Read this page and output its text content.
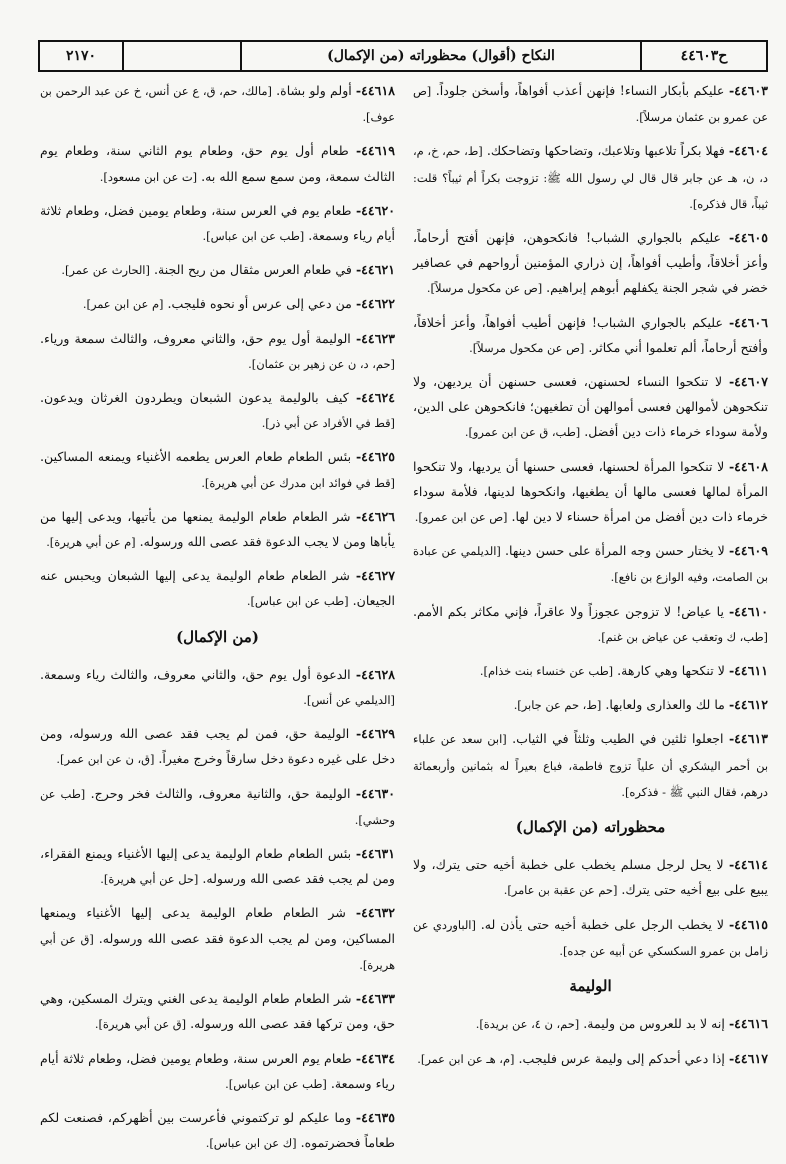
٢١٧٠	النكاح (أقوال) محظوراته (من الإكمال)	ح٤٤٦٠٣

٤٤٦٠٣- عليكم بأبكار النساء! فإنهن أعذب أفواهاً، وأسخن جلوداً. [ص عن عمرو بن عثمان مرسلاً].

٤٤٦٠٤- فهلا بكراً تلاعبها وتلاعبك، وتضاحكها وتضاحكك. [ط، حم، خ، م، د، ن، هـ عن جابر قال قال لي رسول الله ﷺ: تزوجت بكراً أم ثيباً؟ قلت: ثيباً، قال فذكره].

٤٤٦٠٥- عليكم بالجواري الشباب! فانكحوهن، فإنهن أفتح أرحاماً، وأعز أخلاقاً، وأطيب أفواهاً، إن ذراري المؤمنين أرواحهم في عصافير خضر في شجر الجنة يكفلهم أبوهم إبراهيم. [ص عن مكحول مرسلاً].

٤٤٦٠٦- عليكم بالجواري الشباب! فإنهن أطيب أفواهاً، وأعز أخلاقاً، وأفتح أرحاماً، ألم تعلموا أني مكاثر. [ص عن مكحول مرسلاً].

٤٤٦٠٧- لا تنكحوا النساء لحسنهن، فعسى حسنهن أن يرديهن، ولا تنكحوهن لأموالهن فعسى أموالهن أن تطغيهن؛ فانكحوهن على الدين، ولأمة سوداء خرماء ذات دين أفضل. [طب، ق عن ابن عمرو].

٤٤٦٠٨- لا تنكحوا المرأة لحسنها، فعسى حسنها أن يرديها، ولا تنكحوا المرأة لمالها فعسى مالها أن يطغيها، وانكحوها لدينها، فلأمة سوداء خرماء ذات دين أفضل من امرأة حسناء لا دين لها. [ص عن ابن عمرو].

٤٤٦٠٩- لا يختار حسن وجه المرأة على حسن دينها. [الديلمي عن عبادة بن الصامت، وفيه الوازع بن نافع].

٤٤٦١٠- يا عياض! لا تزوجن عجوزاً ولا عاقراً، فإني مكاثر بكم الأمم. [طب، ك وتعقب عن عياض بن غنم].

٤٤٦١١- لا تنكحها وهي كارهة. [طب عن خنساء بنت خذام].

٤٤٦١٢- ما لك والعذارى ولعابها. [ط، حم عن جابر].

٤٤٦١٣- اجعلوا ثلثين في الطيب وثلثاً في الثياب. [ابن سعد عن علباء بن أحمر اليشكري أن علياً تزوج فاطمة، فباع بعيراً له بثمانين وأربعمائة درهم، فقال النبي ﷺ - فذكره].

محظوراته (من الإكمال)

٤٤٦١٤- لا يحل لرجل مسلم يخطب على خطبة أخيه حتى يترك، ولا يبيع على بيع أخيه حتى يترك. [حم عن عقبة بن عامر].

٤٤٦١٥- لا يخطب الرجل على خطبة أخيه حتى يأذن له. [الباوردي عن زامل بن عمرو السكسكي عن أبيه عن جده].

الوليمة

٤٤٦١٦- إنه لا بد للعروس من وليمة. [حم، ن ٤، عن بريدة].

٤٤٦١٧- إذا دعي أحدكم إلى وليمة عرس فليجب. [م، هـ عن ابن عمر].

٤٤٦١٨- أولم ولو بشاة. [مالك، حم، ق، ع عن أنس، خ عن عبد الرحمن بن عوف].

٤٤٦١٩- طعام أول يوم حق، وطعام يوم الثاني سنة، وطعام يوم الثالث سمعة، ومن سمع سمع الله به. [ت عن ابن مسعود].

٤٤٦٢٠- طعام يوم في العرس سنة، وطعام يومين فضل، وطعام ثلاثة أيام رياء وسمعة. [طب عن ابن عباس].

٤٤٦٢١- في طعام العرس مثقال من ريح الجنة. [الحارث عن عمر].

٤٤٦٢٢- من دعي إلى عرس أو نحوه فليجب. [م عن ابن عمر].

٤٤٦٢٣- الوليمة أول يوم حق، والثاني معروف، والثالث سمعة ورياء. [حم، د، ن عن زهير بن عثمان].

٤٤٦٢٤- كيف بالوليمة يدعون الشبعان ويطردون الغرثان ويدعون. [قط في الأفراد عن أبي ذر].

٤٤٦٢٥- بئس الطعام طعام العرس يطعمه الأغنياء ويمنعه المساكين. [قط في فوائد ابن مدرك عن أبي هريرة].

٤٤٦٢٦- شر الطعام طعام الوليمة يمنعها من يأتيها، ويدعى إليها من يأباها ومن لا يجب الدعوة فقد عصى الله ورسوله. [م عن أبي هريرة].

٤٤٦٢٧- شر الطعام طعام الوليمة يدعى إليها الشبعان ويحبس عنه الجيعان. [طب عن ابن عباس].

(من الإكمال)

٤٤٦٢٨- الدعوة أول يوم حق، والثاني معروف، والثالث رياء وسمعة. [الديلمي عن أنس].

٤٤٦٢٩- الوليمة حق، فمن لم يجب فقد عصى الله ورسوله، ومن دخل على غيره دعوة دخل سارقاً وخرج مغيراً. [ق، ن عن ابن عمر].

٤٤٦٣٠- الوليمة حق، والثانية معروف، والثالث فخر وحرج. [طب عن وحشي].

٤٤٦٣١- بئس الطعام طعام الوليمة يدعى إليها الأغنياء ويمنع الفقراء، ومن لم يجب فقد عصى الله ورسوله. [حل عن أبي هريرة].

٤٤٦٣٢- شر الطعام طعام الوليمة يدعى إليها الأغنياء ويمنعها المساكين، ومن لم يجب الدعوة فقد عصى الله ورسوله. [ق عن أبي هريرة].

٤٤٦٣٣- شر الطعام طعام الوليمة يدعى الغني ويترك المسكين، وهي حق، ومن تركها فقد عصى الله ورسوله. [ق عن أبي هريرة].

٤٤٦٣٤- طعام يوم العرس سنة، وطعام يومين فضل، وطعام ثلاثة أيام رياء وسمعة. [طب عن ابن عباس].

٤٤٦٣٥- وما عليكم لو تركتموني فأعرست بين أظهركم، فصنعت لكم طعاماً فحضرتموه. [ك عن ابن عباس].
